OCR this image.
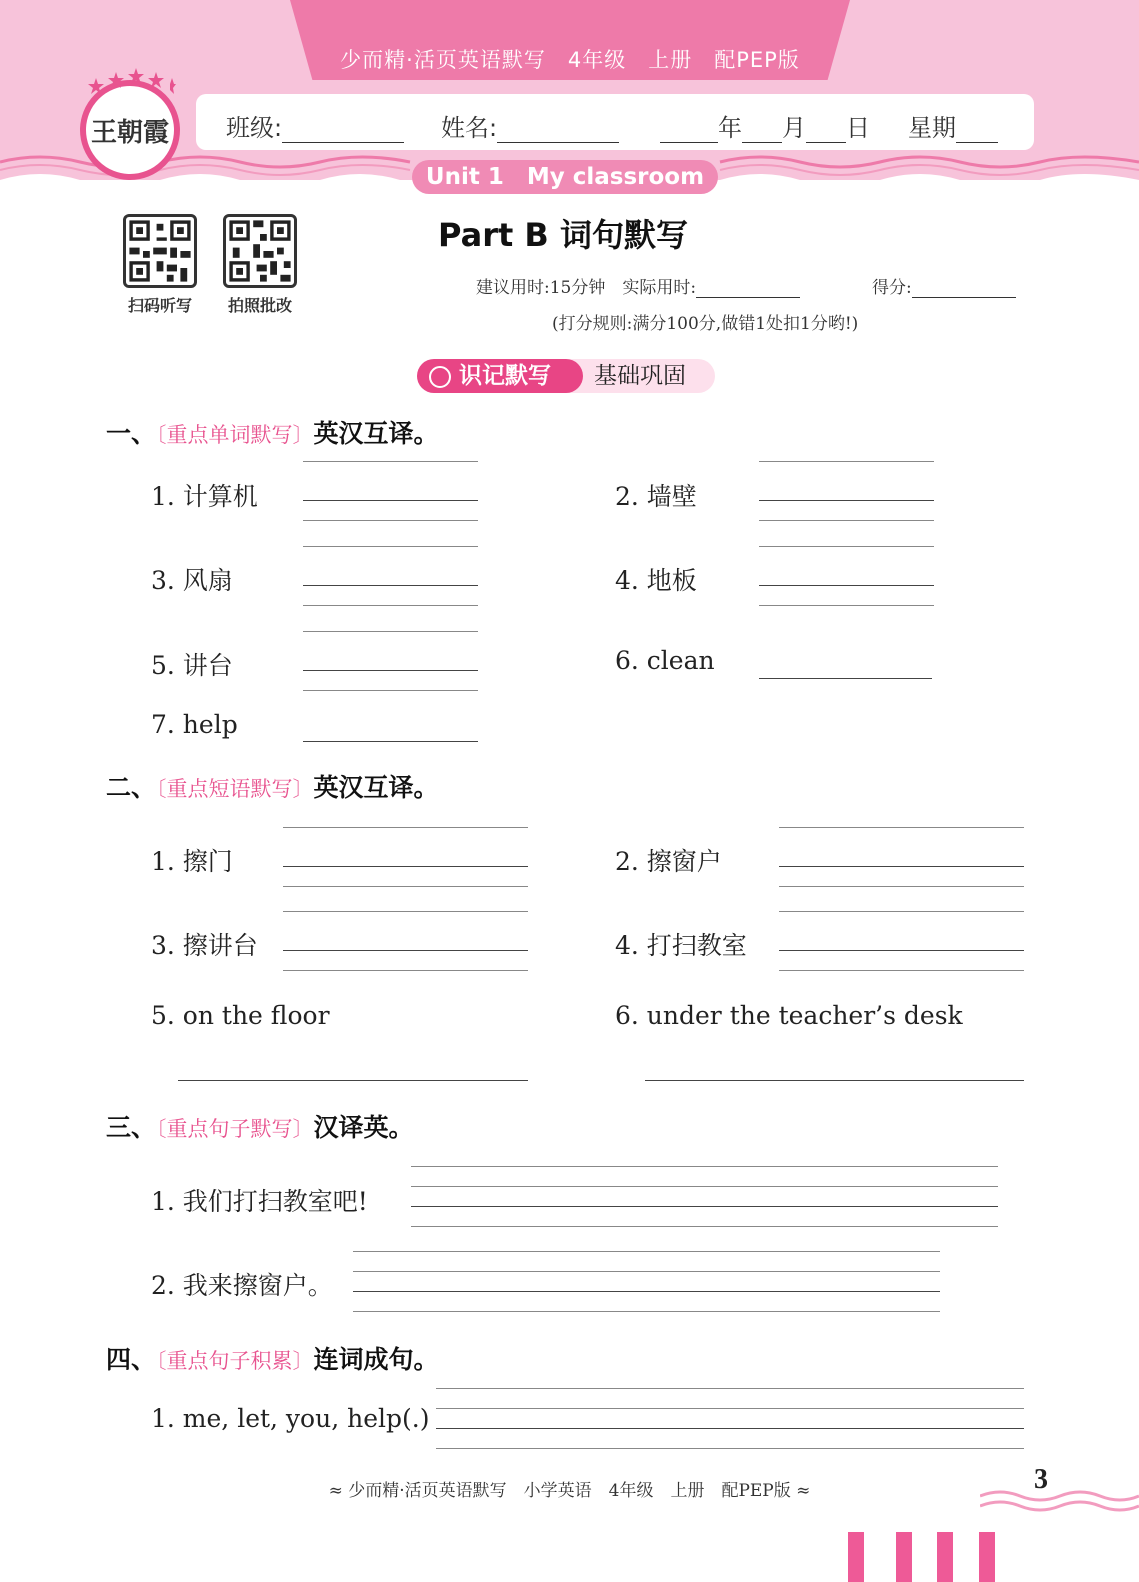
少而精·活页英语默写　4年级　上册　配PEP版
班级:	姓名:	年 月 日 星期
王朝霞
Unit 1　My classroom
扫码听写	拍照批改
Part B 词句默写
建议用时:15分钟　实际用时:	得分:
(打分规则:满分100分,做错1处扣1分哟!)
识记默写	基础巩固
一、〔重点单词默写〕英汉互译。
1. 计算机	2. 墙壁
3. 风扇	4. 地板
5. 讲台	6. clean
7. help
二、〔重点短语默写〕英汉互译。
1. 擦门	2. 擦窗户
3. 擦讲台	4. 打扫教室
5. on the floor	6. under the teacher’s desk
三、〔重点句子默写〕汉译英。
1. 我们打扫教室吧!
2. 我来擦窗户。
四、〔重点句子积累〕连词成句。
1. me, let, you, help(.)
≈ 少而精·活页英语默写　小学英语　4年级　上册　配PEP版 ≈	3
